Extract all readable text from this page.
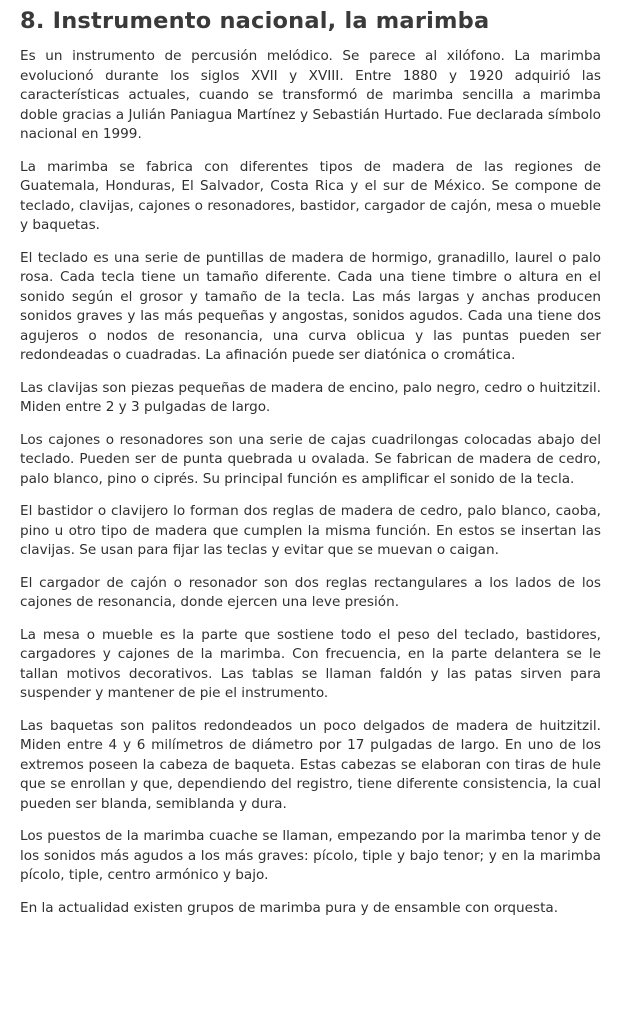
8. Instrumento nacional, la marimba

Es un instrumento de percusión melódico. Se parece al xilófono. La marimba evolucionó durante los siglos XVII y XVIII. Entre 1880 y 1920 adquirió las características actuales, cuando se transformó de marimba sencilla a marimba doble gracias a Julián Paniagua Martínez y Sebastián Hurtado. Fue declarada símbolo nacional en 1999.

La marimba se fabrica con diferentes tipos de madera de las regiones de Guatemala, Honduras, El Salvador, Costa Rica y el sur de México. Se compone de teclado, clavijas, cajones o resonadores, bastidor, cargador de cajón, mesa o mueble y baquetas.

El teclado es una serie de puntillas de madera de hormigo, granadillo, laurel o palo rosa. Cada tecla tiene un tamaño diferente. Cada una tiene timbre o altura en el sonido según el grosor y tamaño de la tecla. Las más largas y anchas producen sonidos graves y las más pequeñas y angostas, sonidos agudos. Cada una tiene dos agujeros o nodos de resonancia, una curva oblicua y las puntas pueden ser redondeadas o cuadradas. La afinación puede ser diatónica o cromática.

Las clavijas son piezas pequeñas de madera de encino, palo negro, cedro o huitzitzil. Miden entre 2 y 3 pulgadas de largo.

Los cajones o resonadores son una serie de cajas cuadrilongas colocadas abajo del teclado. Pueden ser de punta quebrada u ovalada. Se fabrican de madera de cedro, palo blanco, pino o ciprés. Su principal función es amplificar el sonido de la tecla.

El bastidor o clavijero lo forman dos reglas de madera de cedro, palo blanco, caoba, pino u otro tipo de madera que cumplen la misma función. En estos se insertan las clavijas. Se usan para fijar las teclas y evitar que se muevan o caigan.

El cargador de cajón o resonador son dos reglas rectangulares a los lados de los cajones de resonancia, donde ejercen una leve presión.

La mesa o mueble es la parte que sostiene todo el peso del teclado, bastidores, cargadores y cajones de la marimba. Con frecuencia, en la parte delantera se le tallan motivos decorativos. Las tablas se llaman faldón y las patas sirven para suspender y mantener de pie el instrumento.

Las baquetas son palitos redondeados un poco delgados de madera de huitzitzil. Miden entre 4 y 6 milímetros de diámetro por 17 pulgadas de largo. En uno de los extremos poseen la cabeza de baqueta. Estas cabezas se elaboran con tiras de hule que se enrollan y que, dependiendo del registro, tiene diferente consistencia, la cual pueden ser blanda, semiblanda y dura.

Los puestos de la marimba cuache se llaman, empezando por la marimba tenor y de los sonidos más agudos a los más graves: pícolo, tiple y bajo tenor; y en la marimba pícolo, tiple, centro armónico y bajo.

En la actualidad existen grupos de marimba pura y de ensamble con orquesta.
